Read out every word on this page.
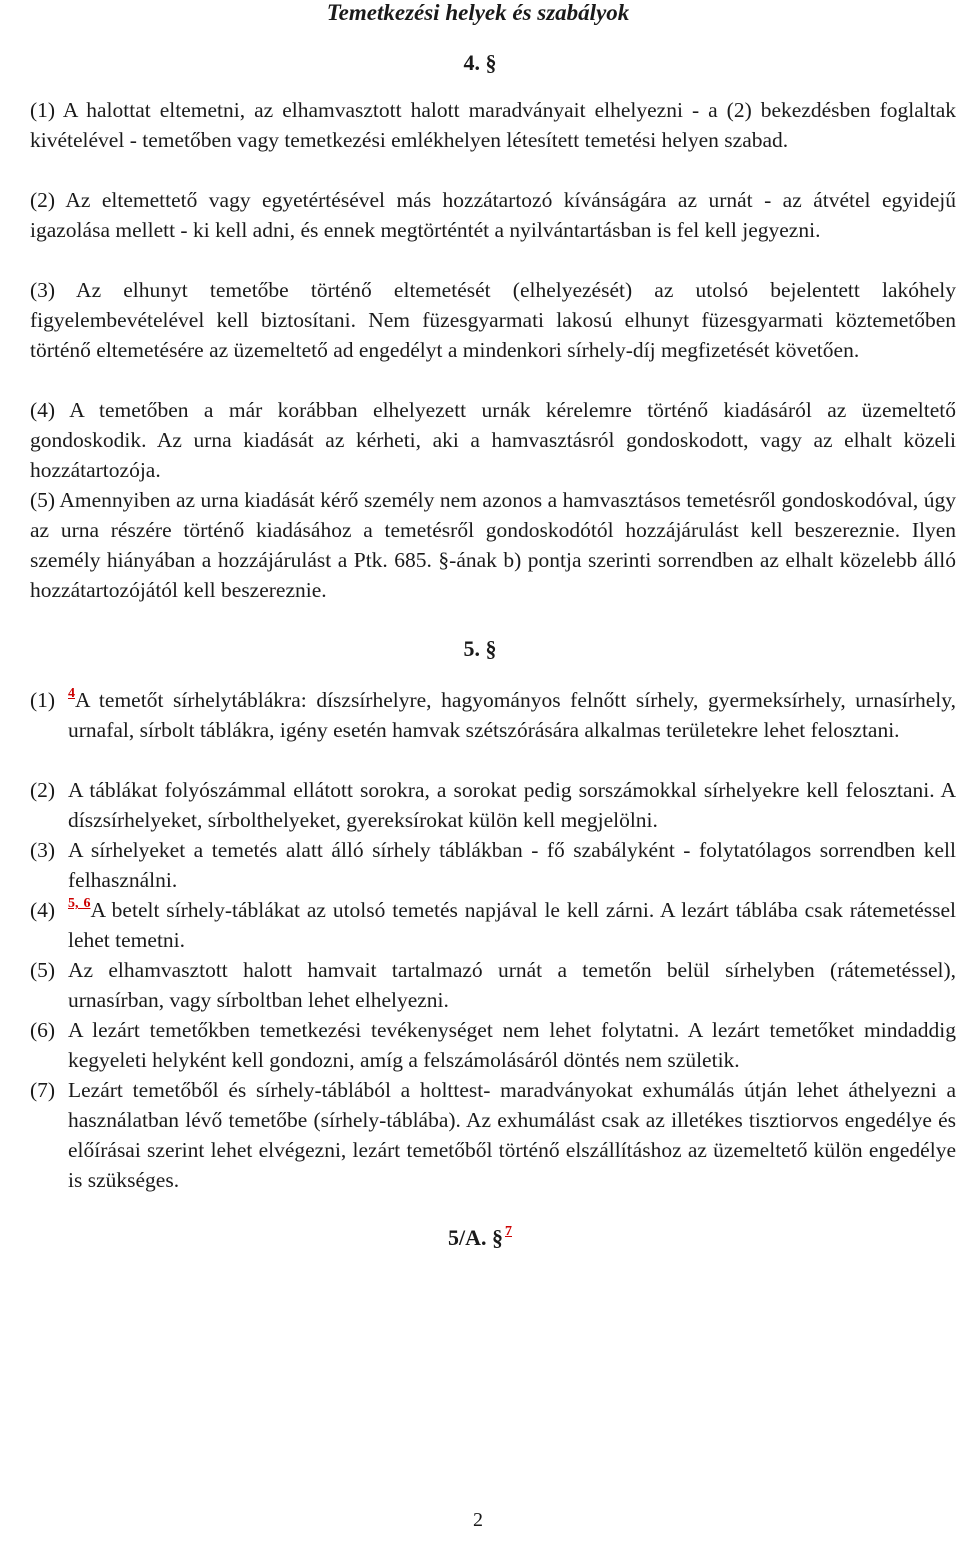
Temetkezési helyek és szabályok
4. §

(1) A halottat eltemetni, az elhamvasztott halott maradványait elhelyezni - a (2) bekezdésben foglaltak kivételével - temetőben vagy temetkezési emlékhelyen létesített temetési helyen szabad.

(2) Az eltemettető vagy egyetértésével más hozzátartozó kívánságára az urnát - az átvétel egyidejű igazolása mellett - ki kell adni, és ennek megtörténtét a nyilvántartásban is fel kell jegyezni.

(3) Az elhunyt temetőbe történő eltemetését (elhelyezését) az utolsó bejelentett lakóhely figyelembevételével kell biztosítani. Nem füzesgyarmati lakosú elhunyt füzesgyarmati köztemetőben történő eltemetésére az üzemeltető ad engedélyt a mindenkori sírhely-díj megfizetését követően.

(4) A temetőben a már korábban elhelyezett urnák kérelemre történő kiadásáról az üzemeltető gondoskodik. Az urna kiadását az kérheti, aki a hamvasztásról gondoskodott, vagy az elhalt közeli hozzátartozója.

(5) Amennyiben az urna kiadását kérő személy nem azonos a hamvasztásos temetésről gondoskodóval, úgy az urna részére történő kiadásához a temetésről gondoskodótól hozzájárulást kell beszereznie. Ilyen személy hiányában a hozzájárulást a Ptk. 685. §-ának b) pontja szerinti sorrendben az elhalt közelebb álló hozzátartozójától kell beszereznie.

5. §
(1) $^4$A temetőt sírhelytáblákra: díszsírhelyre, hagyományos felnőtt sírhely, gyermeksírhely, urnasírhely, urnafal, sírbolt táblákra, igény esetén hamvak szétszórására alkalmas területekre lehet felosztani.
(2) A táblákat folyószámmal ellátott sorokra, a sorokat pedig sorszámokkal sírhelyekre kell felosztani. A díszsírhelyeket, sírbolthelyeket, gyereksírokat külön kell megjelölni.
(3) A sírhelyeket a temetés alatt álló sírhely táblákban - fő szabályként - folytatólagos sorrendben kell felhasználni.
(4) $^{5, 6}$A betelt sírhely-táblákat az utolsó temetés napjával le kell zárni. A lezárt táblába csak rátemetéssel lehet temetni.
(5) Az elhamvasztott halott hamvait tartalmazó urnát a temetőn belül sírhelyben (rátemetéssel), urnasírban, vagy sírboltban lehet elhelyezni.
(6) A lezárt temetőkben temetkezési tevékenységet nem lehet folytatni. A lezárt temetőket mindaddig kegyeleti helyként kell gondozni, amíg a felszámolásáról döntés nem születik.
(7) Lezárt temetőből és sírhely-táblából a holttest- maradványokat exhumálás útján lehet áthelyezni a használatban lévő temetőbe (sírhely-táblába). Az exhumálást csak az illetékes tisztiorvos engedélye és előírásai szerint lehet elvégezni, lezárt temetőből történő elszállításhoz az üzemeltető külön engedélye is szükséges.
5/A. § $^7$
2
